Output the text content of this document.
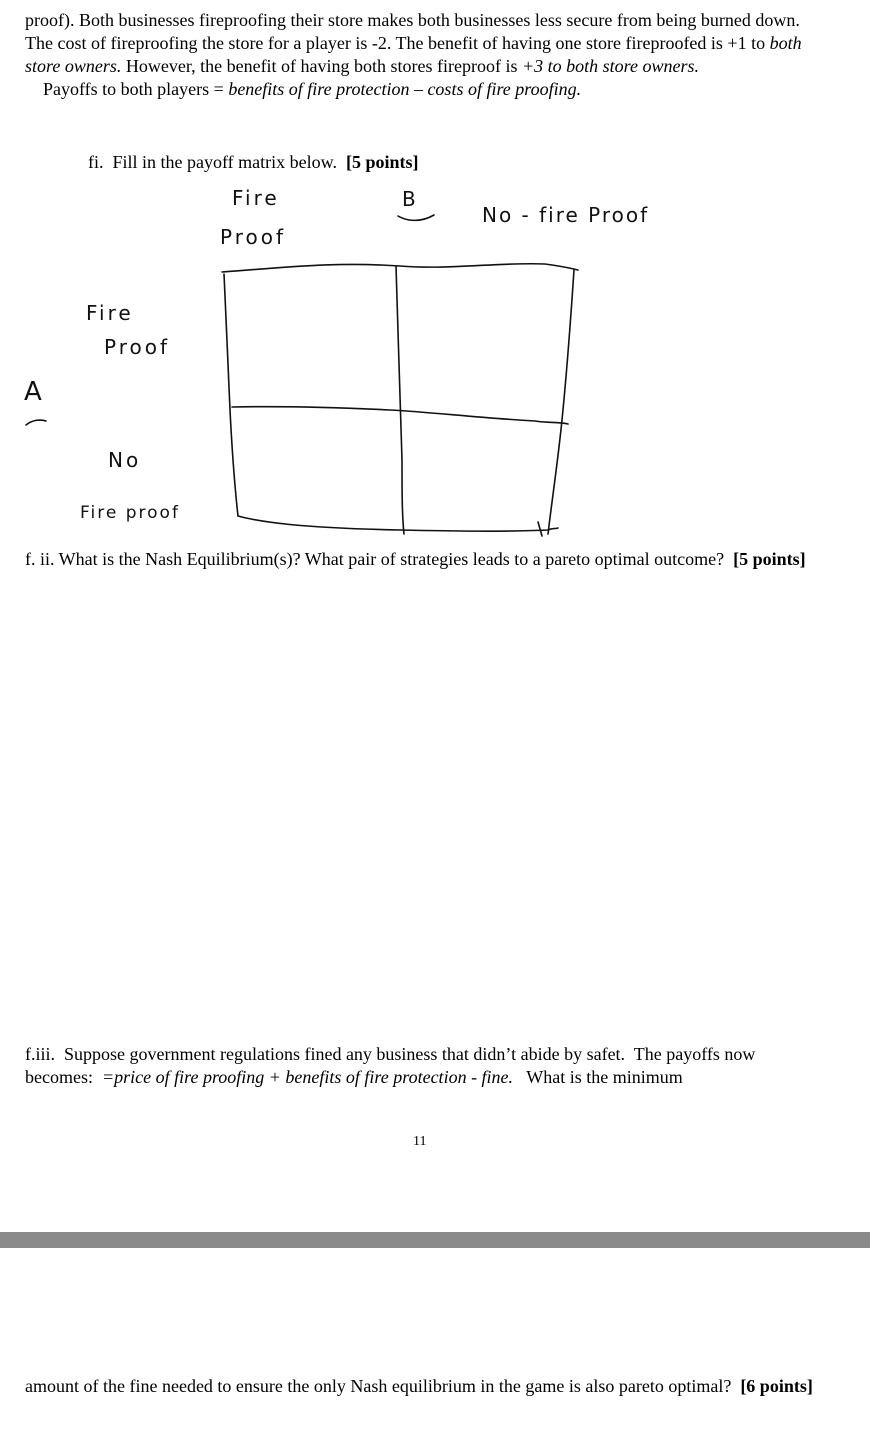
proof). Both businesses fireproofing their store makes both businesses less secure from being burned down. The cost of fireproofing the store for a player is -2. The benefit of having one store fireproofed is +1 to both store owners. However, the benefit of having both stores fireproof is +3 to both store owners.    Payoffs to both players = benefits of fire protection – costs of fire proofing.

fi.  Fill in the payoff matrix below.  [5 points]
Fire
Proof
B
No - fire Proof
Fire
Proof
A
No
Fire proof

f. ii. What is the Nash Equilibrium(s)? What pair of strategies leads to a pareto optimal outcome?  [5 points]

f.iii.  Suppose government regulations fined any business that didn’t abide by safet.  The payoffs now becomes:  =price of fire proofing + benefits of fire protection - fine.   What is the minimum

11

amount of the fine needed to ensure the only Nash equilibrium in the game is also pareto optimal?  [6 points]
